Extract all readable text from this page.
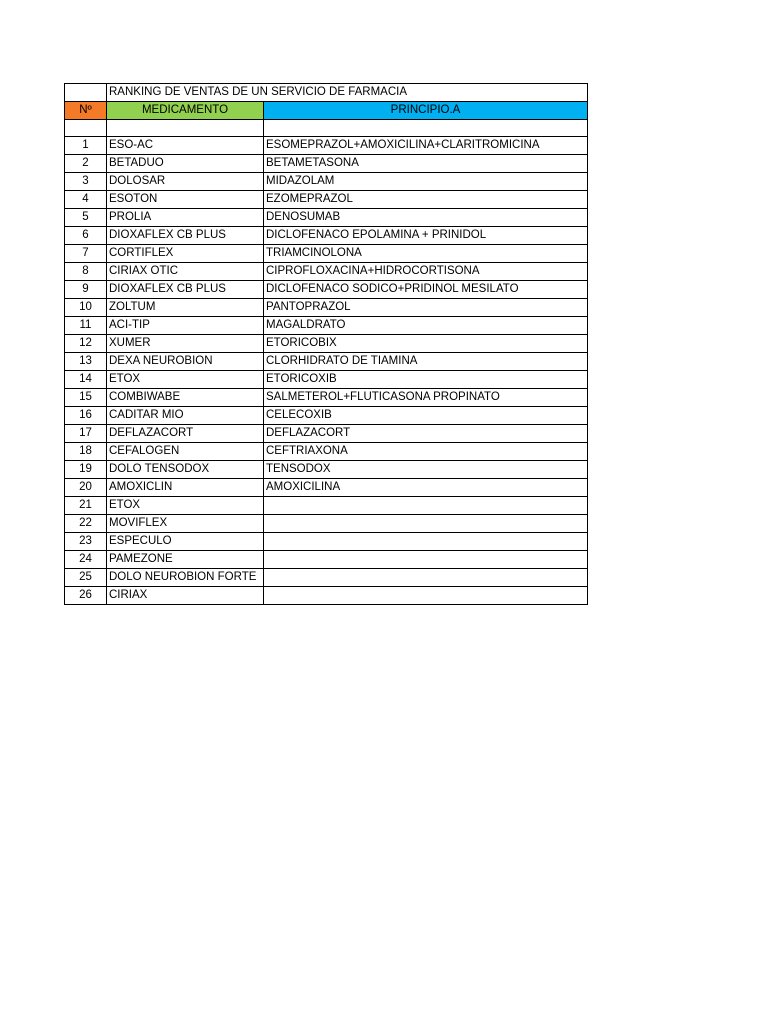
	RANKING DE VENTAS DE UN SERVICIO DE FARMACIA	
Nº	MEDICAMENTO	PRINCIPIO.A

1	ESO-AC	ESOMEPRAZOL+AMOXICILINA+CLARITROMICINA
2	BETADUO	BETAMETASONA
3	DOLOSAR	MIDAZOLAM
4	ESOTON	EZOMEPRAZOL
5	PROLIA	DENOSUMAB
6	DIOXAFLEX CB PLUS	DICLOFENACO EPOLAMINA + PRINIDOL
7	CORTIFLEX	TRIAMCINOLONA
8	CIRIAX OTIC	CIPROFLOXACINA+HIDROCORTISONA
9	DIOXAFLEX CB PLUS	DICLOFENACO SODICO+PRIDINOL MESILATO
10	ZOLTUM	PANTOPRAZOL
11	ACI-TIP	MAGALDRATO
12	XUMER	ETORICOBIX
13	DEXA NEUROBION	CLORHIDRATO DE TIAMINA
14	ETOX	ETORICOXIB
15	COMBIWABE	SALMETEROL+FLUTICASONA PROPINATO
16	CADITAR MIO	CELECOXIB
17	DEFLAZACORT	DEFLAZACORT
18	CEFALOGEN	CEFTRIAXONA
19	DOLO TENSODOX	TENSODOX
20	AMOXICLIN	AMOXICILINA
21	ETOX	
22	MOVIFLEX	
23	ESPECULO	
24	PAMEZONE	
25	DOLO NEUROBION FORTE	
26	CIRIAX	
